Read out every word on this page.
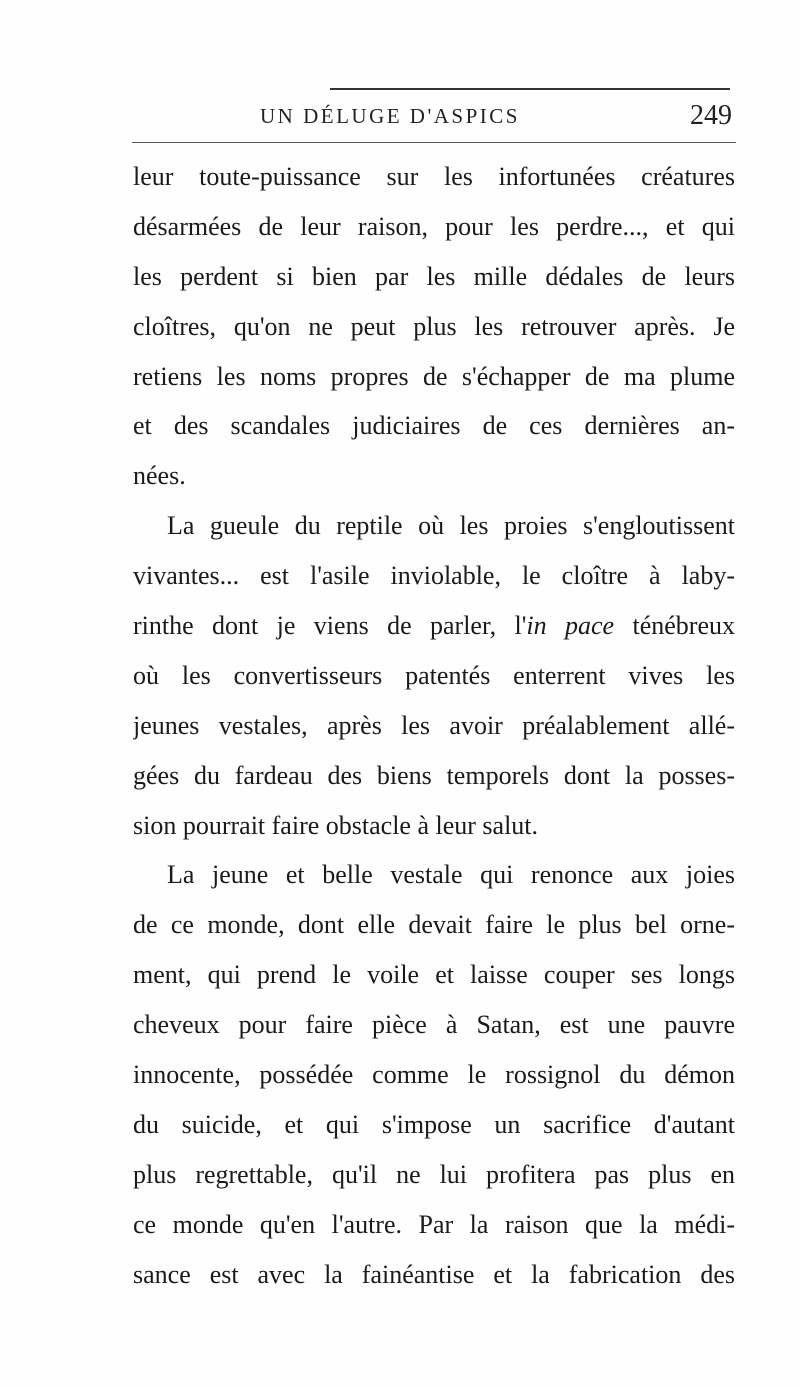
UN DÉLUGE D'ASPICS	249
leur toute-puissance sur les infortunées créatures
désarmées de leur raison, pour les perdre..., et qui
les perdent si bien par les mille dédales de leurs
cloîtres, qu'on ne peut plus les retrouver après. Je
retiens les noms propres de s'échapper de ma plume
et des scandales judiciaires de ces dernières an-
nées.
La gueule du reptile où les proies s'engloutissent
vivantes... est l'asile inviolable, le cloître à laby-
rinthe dont je viens de parler, l'in pace ténébreux
où les convertisseurs patentés enterrent vives les
jeunes vestales, après les avoir préalablement allé-
gées du fardeau des biens temporels dont la posses-
sion pourrait faire obstacle à leur salut.
La jeune et belle vestale qui renonce aux joies
de ce monde, dont elle devait faire le plus bel orne-
ment, qui prend le voile et laisse couper ses longs
cheveux pour faire pièce à Satan, est une pauvre
innocente, possédée comme le rossignol du démon
du suicide, et qui s'impose un sacrifice d'autant
plus regrettable, qu'il ne lui profitera pas plus en
ce monde qu'en l'autre. Par la raison que la médi-
sance est avec la fainéantise et la fabrication des
